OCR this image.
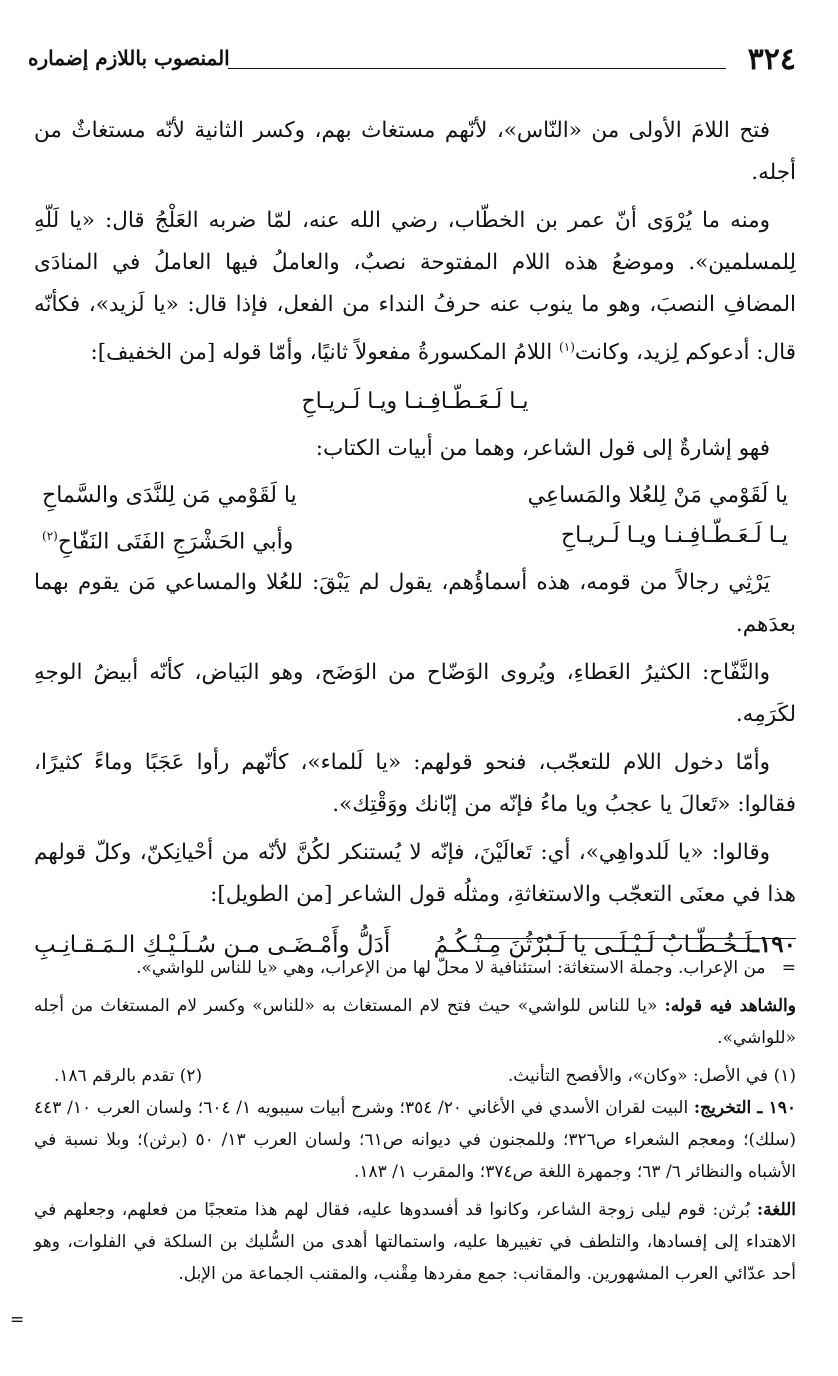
٣٢٤
المنصوب باللازم إضماره

فتح اللامَ الأولى من «النّاس»، لأنّهم مستغاث بهم، وكسر الثانية لأنّه مستغاثٌ من أجله.

ومنه ما يُرْوَى أنّ عمر بن الخطّاب، رضي الله عنه، لمّا ضربه العَلْجُ قال: «يا لَلّهِ لِلمسلمين». وموضعُ هذه اللام المفتوحة نصبٌ، والعاملُ فيها العاملُ في المنادَى المضافِ النصبَ، وهو ما ينوب عنه حرفُ النداء من الفعل، فإذا قال: «يا لَزيد»، فكأنّه قال: أدعوكم لِزيد، وكانت$^{(١)}$ اللامُ المكسورةُ مفعولاً ثانيًا، وأمّا قوله [من الخفيف]:

يـا لَـعَـطّـافِـنـا ويـا لَـريـاحِ

فهو إشارةٌ إلى قول الشاعر، وهما من أبيات الكتاب:

يا لَقَوْمي مَنْ لِلعُلا والمَساعِي
يا لَقَوْمي مَن لِلنَّدَى والسَّماحِ
يـا لَـعَـطّـافِـنـا ويـا لَـريـاحِ
وأبي الحَشْرَجِ الفَتَى النَفّاحِ$^{(٢)}$

يَرْثِي رجالاً من قومه، هذه أسماؤُهم، يقول لم يَبْقَ: للعُلا والمساعي مَن يقوم بهما بعدَهم.

والنَّفّاح: الكثيرُ العَطاءِ، ويُروى الوَضّاح من الوَضَح، وهو البَياض، كأنّه أبيضُ الوجهِ لكَرَمِه.

وأمّا دخول اللام للتعجّب، فنحو قولهم: «يا لَلماء»، كأنّهم رأوا عَجَبًا وماءً كثيرًا، فقالوا: «تَعالَ يا عجبُ ويا ماءُ فإنّه من إبّانك ووَقْتِك».

وقالوا: «يا لَلدواهِي»، أي: تَعالَيْنَ، فإنّه لا يُستنكر لكُنَّ لأنّه من أحْيانِكنّ، وكلّ قولهم هذا في معنَى التعجّب والاستغاثةِ، ومثلُه قول الشاعر [من الطويل]:

١٩٠ـلَـخُـطّـابُ لَـيْـلَـى يا لَـبُرْثُنَ مِـنْـكُـمُ
أَدَلُّ وأَمْـضَـى مـن سُـلَـيْـكِ الـمَـقـانِـبِ

=   من الإعراب. وجملة الاستغاثة: استئنافية لا محلّ لها من الإعراب، وهي «يا للناس للواشي».

والشاهد فيه قوله: «يا للناس للواشي» حيث فتح لام المستغاث به «للناس» وكسر لام المستغاث من أجله «للواشي».

(١) في الأصل: «وكان»، والأفصح التأنيث.
(٢) تقدم بالرقم ١٨٦.

١٩٠ ـ التخريج: البيت لقران الأسدي في الأغاني ٢٠/ ٣٥٤؛ وشرح أبيات سيبويه ١/ ٦٠٤؛ ولسان العرب ١٠/ ٤٤٣ (سلك)؛ ومعجم الشعراء ص٣٢٦؛ وللمجنون في ديوانه ص٦١؛ ولسان العرب ١٣/ ٥٠ (برثن)؛ وبلا نسبة في الأشباه والنظائر ٦/ ٦٣؛ وجمهرة اللغة ص٣٧٤؛ والمقرب ١/ ١٨٣.

اللغة: بُرثن: قوم ليلى زوجة الشاعر، وكانوا قد أفسدوها عليه، فقال لهم هذا متعجبًا من فعلهم، وجعلهم في الاهتداء إلى إفسادها، والتلطف في تغييرها عليه، واستمالتها أهدى من السُّليك بن السلكة في الفلوات، وهو أحد عدّائي العرب المشهورين. والمقانب: جمع مفردها مِقْنب، والمقنب الجماعة من الإبل.

=
